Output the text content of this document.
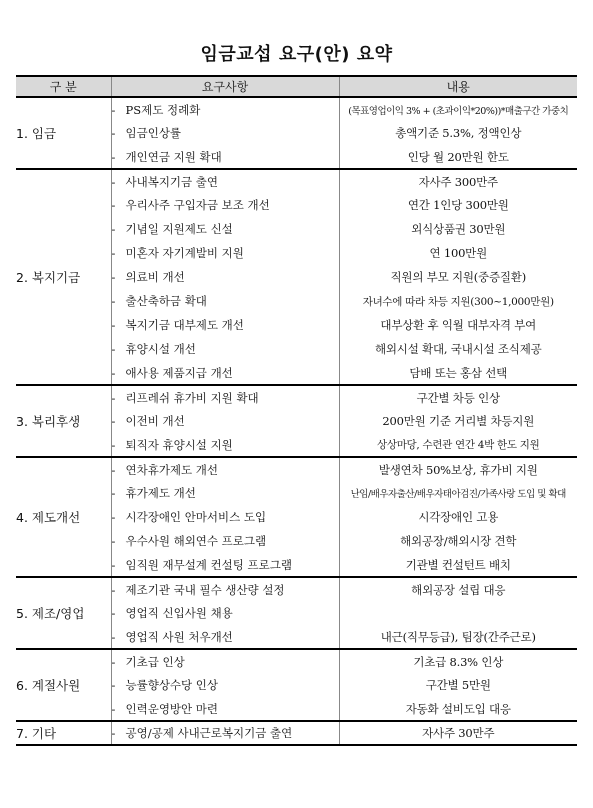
임금교섭 요구(안) 요약
구 분	요구사항	내용
1. 임금	- PS제도 정례화	(목표영업이익 3% + (초과이익*20%))*매출구간 가중치
	- 임금인상률	총액기준 5.3%, 정액인상
	- 개인연금 지원 확대	인당 월 20만원 한도
2. 복지기금	- 사내복지기금 출연	자사주 300만주
	- 우리사주 구입자금 보조 개선	연간 1인당 300만원
	- 기념일 지원제도 신설	외식상품권 30만원
	- 미혼자 자기계발비 지원	연 100만원
	- 의료비 개선	직원의 부모 지원(중증질환)
	- 출산축하금 확대	자녀수에 따라 차등 지원(300~1,000만원)
	- 복지기금 대부제도 개선	대부상환 후 익월 대부자격 부여
	- 휴양시설 개선	해외시설 확대, 국내시설 조식제공
	- 애사용 제품지급 개선	담배 또는 홍삼 선택
3. 복리후생	- 리프레쉬 휴가비 지원 확대	구간별 차등 인상
	- 이전비 개선	200만원 기준 거리별 차등지원
	- 퇴직자 휴양시설 지원	상상마당, 수련관 연간 4박 한도 지원
4. 제도개선	- 연차휴가제도 개선	발생연차 50%보상, 휴가비 지원
	- 휴가제도 개선	난임/배우자출산/배우자태아검진/가족사랑 도입 및 확대
	- 시각장애인 안마서비스 도입	시각장애인 고용
	- 우수사원 해외연수 프로그램	해외공장/해외시장 견학
	- 임직원 재무설계 컨설팅 프로그램	기관별 컨설턴트 배치
5. 제조/영업	- 제조기관 국내 필수 생산량 설정	해외공장 설립 대응
	- 영업직 신입사원 채용	
	- 영업직 사원 처우개선	내근(직무등급), 팀장(간주근로)
6. 계절사원	- 기초급 인상	기초급 8.3% 인상
	- 능률향상수당 인상	구간별 5만원
	- 인력운영방안 마련	자동화 설비도입 대응
7. 기타	- 공영/공제 사내근로복지기금 출연	자사주 30만주
